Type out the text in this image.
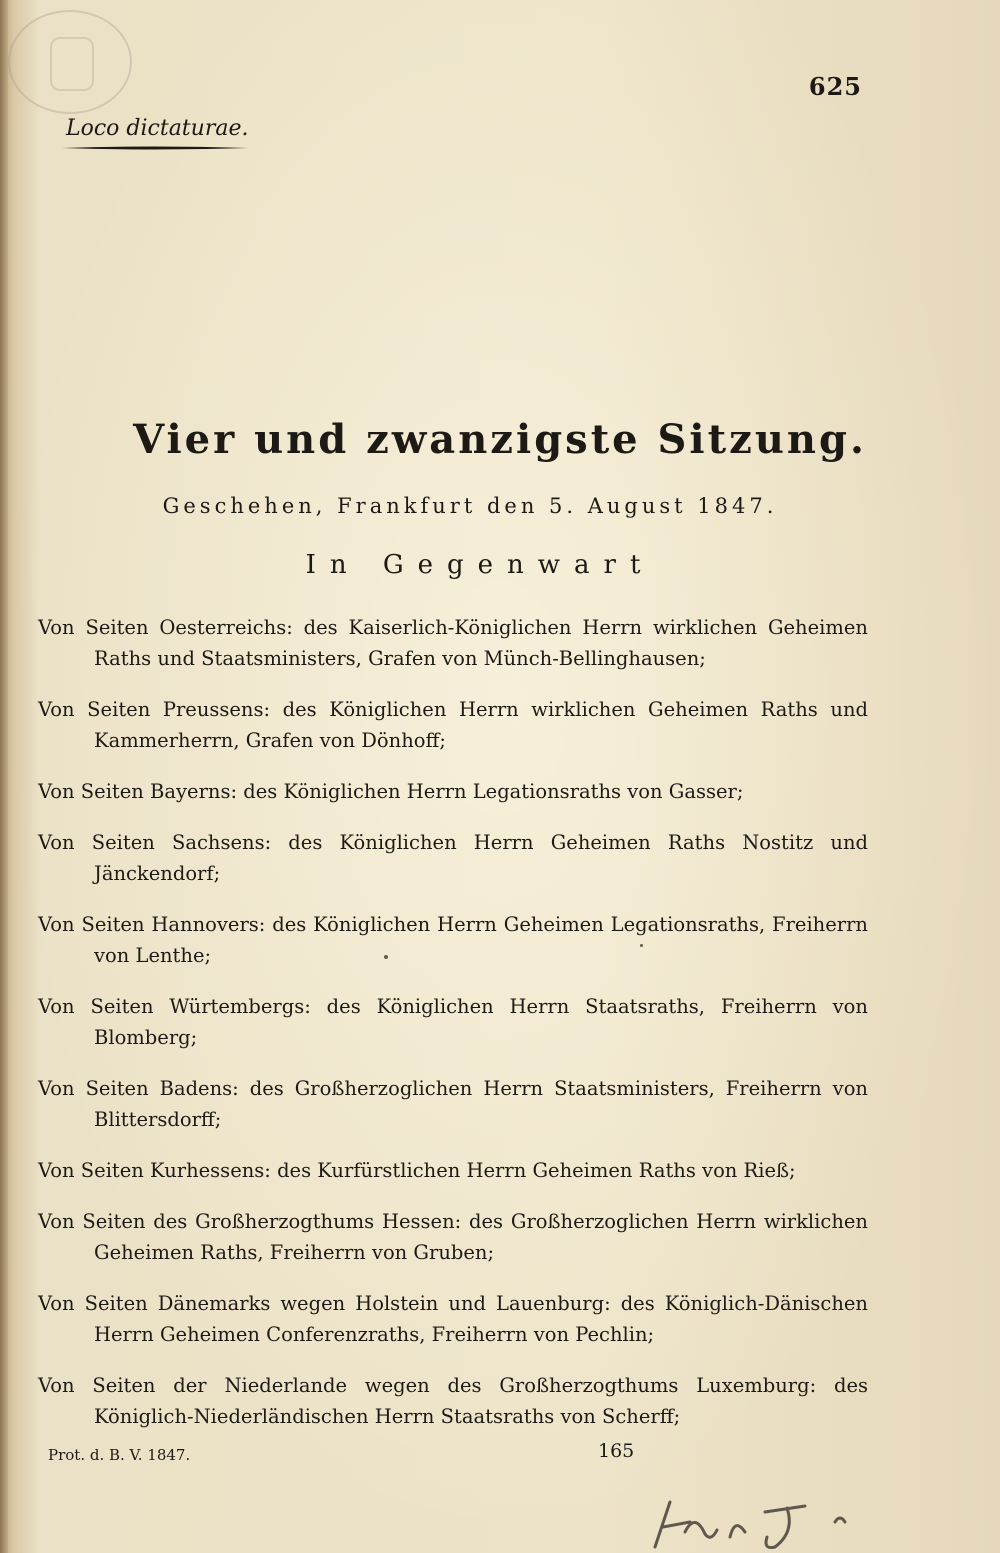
625
Loco dictaturae.
Vier und zwanzigste Sitzung.
Geschehen, Frankfurt den 5. August 1847.
In Gegenwart

Von Seiten Oesterreichs: des Kaiserlich-Königlichen Herrn wirklichen Geheimen Raths und Staatsministers, Grafen von Münch-Bellinghausen;

Von Seiten Preussens: des Königlichen Herrn wirklichen Geheimen Raths und Kammerherrn, Grafen von Dönhoff;

Von Seiten Bayerns: des Königlichen Herrn Legationsraths von Gasser;

Von Seiten Sachsens: des Königlichen Herrn Geheimen Raths Nostitz und Jänckendorf;

Von Seiten Hannovers: des Königlichen Herrn Geheimen Legationsraths, Freiherrn von Lenthe;

Von Seiten Würtembergs: des Königlichen Herrn Staatsraths, Freiherrn von Blomberg;

Von Seiten Badens: des Großherzoglichen Herrn Staatsministers, Freiherrn von Blittersdorff;

Von Seiten Kurhessens: des Kurfürstlichen Herrn Geheimen Raths von Rieß;

Von Seiten des Großherzogthums Hessen: des Großherzoglichen Herrn wirklichen Geheimen Raths, Freiherrn von Gruben;

Von Seiten Dänemarks wegen Holstein und Lauenburg: des Königlich-Dänischen Herrn Geheimen Conferenzraths, Freiherrn von Pechlin;

Von Seiten der Niederlande wegen des Großherzogthums Luxemburg: des Königlich-Niederländischen Herrn Staatsraths von Scherff;

Prot. d. B. V. 1847.	165
